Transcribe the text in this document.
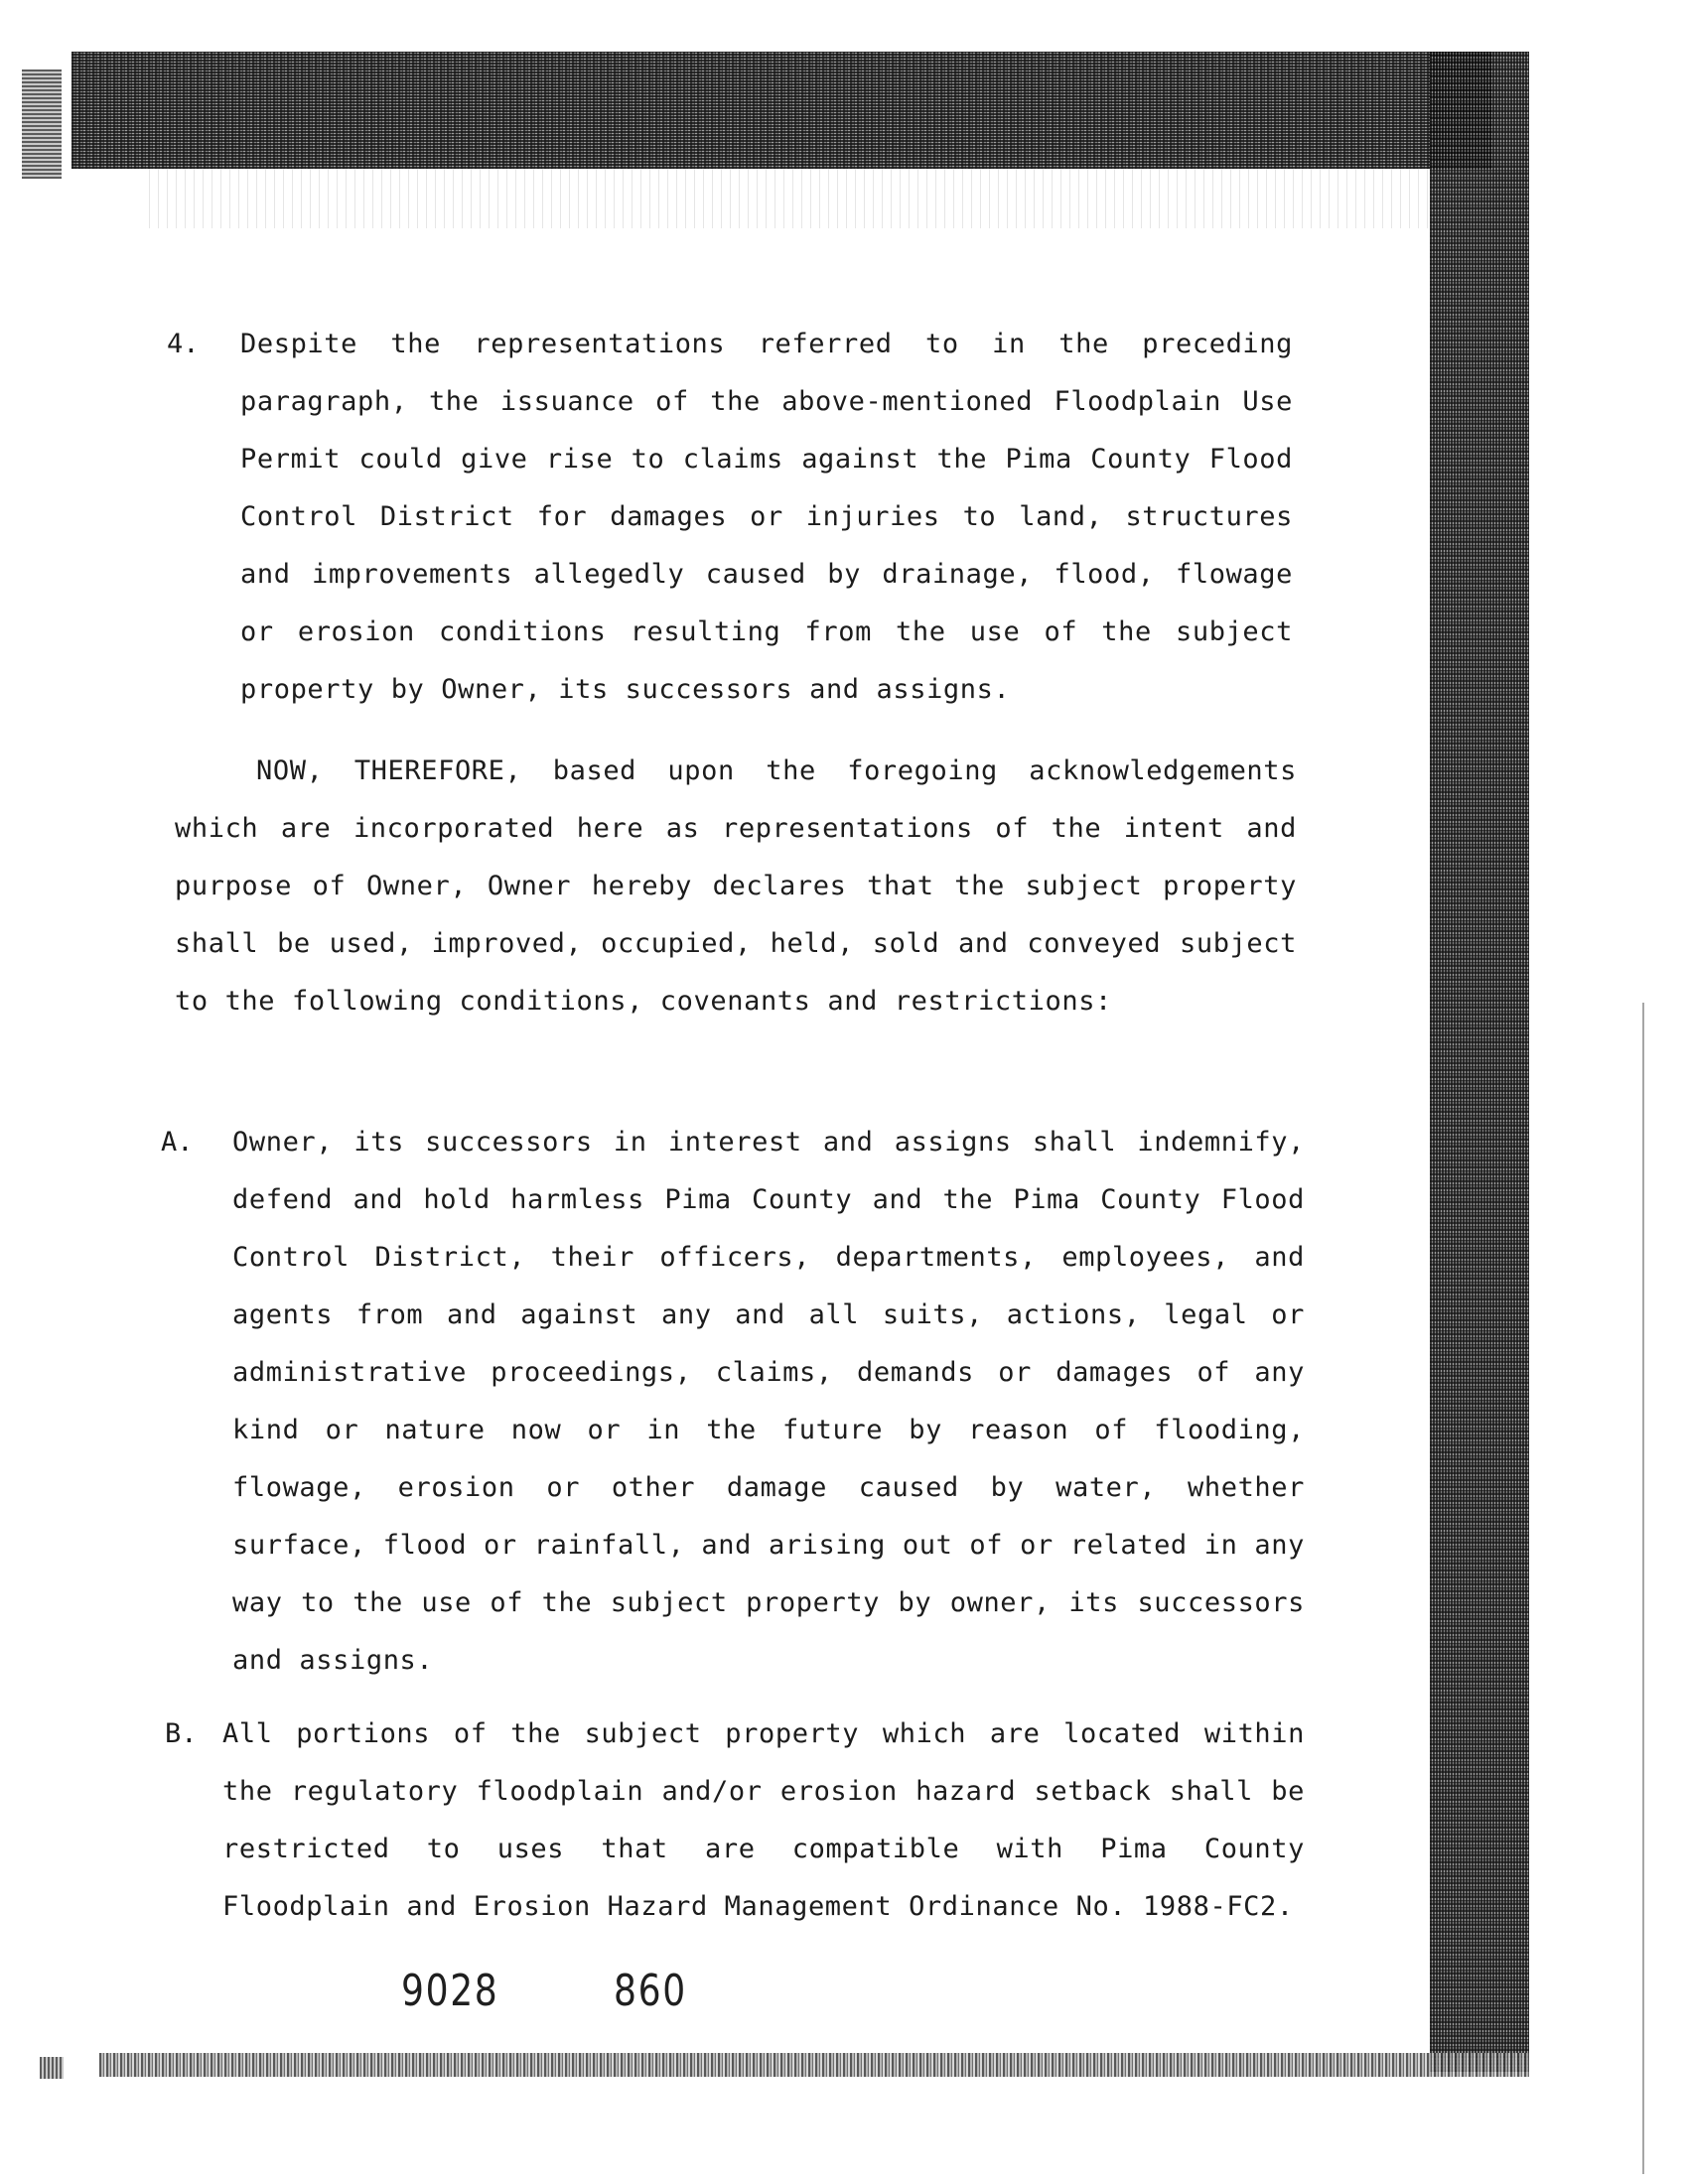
4. Despite the representations referred to in the preceding paragraph, the issuance of the above-mentioned Floodplain Use Permit could give rise to claims against the Pima County Flood Control District for damages or injuries to land, structures and improvements allegedly caused by drainage, flood, flowage or erosion conditions resulting from the use of the subject property by Owner, its successors and assigns.

NOW, THEREFORE, based upon the foregoing acknowledgements which are incorporated here as representations of the intent and purpose of Owner, Owner hereby declares that the subject property shall be used, improved, occupied, held, sold and conveyed subject to the following conditions, covenants and restrictions:

A. Owner, its successors in interest and assigns shall indemnify, defend and hold harmless Pima County and the Pima County Flood Control District, their officers, departments, employees, and agents from and against any and all suits, actions, legal or administrative proceedings, claims, demands or damages of any kind or nature now or in the future by reason of flooding, flowage, erosion or other damage caused by water, whether surface, flood or rainfall, and arising out of or related in any way to the use of the subject property by owner, its successors and assigns.

B. All portions of the subject property which are located within the regulatory floodplain and/or erosion hazard setback shall be restricted to uses that are compatible with Pima County Floodplain and Erosion Hazard Management Ordinance No. 1988-FC2.

9028	860
